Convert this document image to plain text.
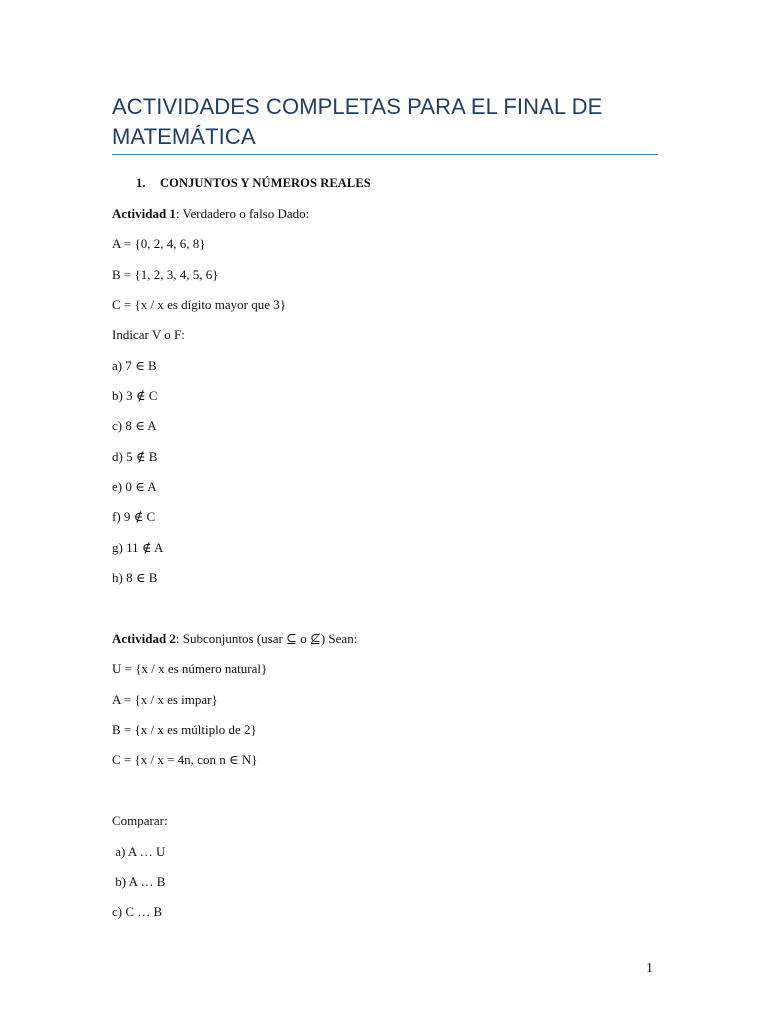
ACTIVIDADES COMPLETAS PARA EL FINAL DE
MATEMÁTICA
1. CONJUNTOS Y NÚMEROS REALES
Actividad 1: Verdadero o falso Dado:
A = {0, 2, 4, 6, 8}
B = {1, 2, 3, 4, 5, 6}
C = {x / x es dígito mayor que 3}
Indicar V o F:
a) 7 ∈ B
b) 3 ∉ C
c) 8 ∈ A
d) 5 ∉ B
e) 0 ∈ A
f) 9 ∉ C
g) 11 ∉ A
h) 8 ∈ B
Actividad 2: Subconjuntos (usar ⊆ o ⊈) Sean:
U = {x / x es número natural}
A = {x / x es impar}
B = {x / x es múltiplo de 2}
C = {x / x = 4n, con n ∈ N}
Comparar:
a) A … U
b) A … B
c) C … B
1
